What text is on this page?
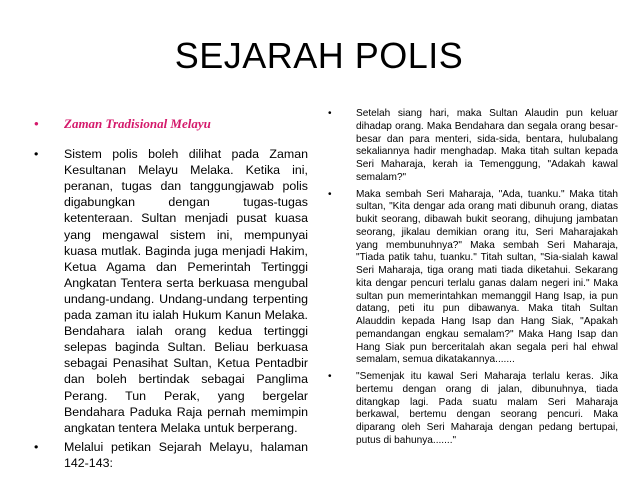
SEJARAH POLIS
•	Zaman Tradisional Melayu
•	Sistem polis boleh dilihat pada Zaman Kesultanan Melayu Melaka. Ketika ini, peranan, tugas dan tanggungjawab polis digabungkan dengan tugas-tugas ketenteraan. Sultan menjadi pusat kuasa yang mengawal sistem ini, mempunyai kuasa mutlak. Baginda juga menjadi Hakim, Ketua Agama dan Pemerintah Tertinggi Angkatan Tentera serta berkuasa mengubal undang-undang. Undang-undang terpenting pada zaman itu ialah Hukum Kanun Melaka. Bendahara ialah orang kedua tertinggi selepas baginda Sultan. Beliau berkuasa sebagai Penasihat Sultan, Ketua Pentadbir dan boleh bertindak sebagai Panglima Perang. Tun Perak, yang bergelar Bendahara Paduka Raja pernah memimpin angkatan tentera Melaka untuk berperang.
•	Melalui petikan Sejarah Melayu, halaman 142-143:
•	Setelah siang hari, maka Sultan Alaudin pun keluar dihadap orang. Maka Bendahara dan segala orang besar-besar dan para menteri, sida-sida, bentara, hulubalang sekaliannya hadir menghadap. Maka titah sultan kepada Seri Maharaja, kerah ia Temenggung, "Adakah kawal semalam?"
•	Maka sembah Seri Maharaja, "Ada, tuanku." Maka titah sultan, "Kita dengar ada orang mati dibunuh orang, diatas bukit seorang, dibawah bukit seorang, dihujung jambatan seorang, jikalau demikian orang itu, Seri Maharajakah yang membunuhnya?" Maka sembah Seri Maharaja, "Tiada patik tahu, tuanku." Titah sultan, "Sia-sialah kawal Seri Maharaja, tiga orang mati tiada diketahui. Sekarang kita dengar pencuri terlalu ganas dalam negeri ini." Maka sultan pun memerintahkan memanggil Hang Isap, ia pun datang, peti itu pun dibawanya. Maka titah Sultan Alauddin kepada Hang Isap dan Hang Siak, "Apakah pemandangan engkau semalam?" Maka Hang Isap dan Hang Siak pun berceritalah akan segala peri hal ehwal semalam, semua dikatakannya.......
•	"Semenjak itu kawal Seri Maharaja terlalu keras. Jika bertemu dengan orang di jalan, dibunuhnya, tiada ditangkap lagi. Pada suatu malam Seri Maharaja berkawal, bertemu dengan seorang pencuri. Maka diparang oleh Seri Maharaja dengan pedang bertupai, putus di bahunya......."
